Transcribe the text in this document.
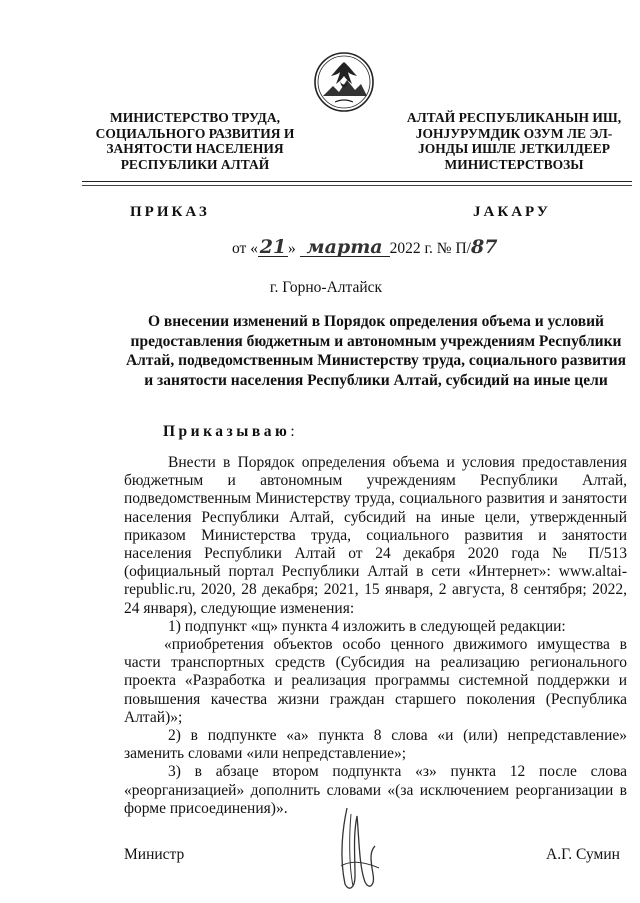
МИНИСТЕРСТВО ТРУДА,
СОЦИАЛЬНОГО РАЗВИТИЯ И
ЗАНЯТОСТИ НАСЕЛЕНИЯ
РЕСПУБЛИКИ АЛТАЙ
АЛТАЙ РЕСПУБЛИКАНЫН ИШ,
ЈОНЈУРУМДИК ОЗУМ ЛЕ ЭЛ-
ЈОНДЫ ИШЛЕ ЈЕТКИЛДЕЕР
МИНИСТЕРСТВОЗЫ
ПРИКАЗ	ЈАКАРУ
от «21 » марта 2022 г. № П/87
г. Горно-Алтайск
О внесении изменений в Порядок определения объема и условий предоставления бюджетным и автономным учреждениям Республики Алтай, подведомственным Министерству труда, социального развития и занятости населения Республики Алтай, субсидий на иные цели
Приказываю:

Внести в Порядок определения объема и условия предоставления бюджетным и автономным учреждениям Республики Алтай, подведомственным Министерству труда, социального развития и занятости населения Республики Алтай, субсидий на иные цели, утвержденный приказом Министерства труда, социального развития и занятости населения Республики Алтай от 24 декабря 2020 года № П/513 (официальный портал Республики Алтай в сети «Интернет»: www.altai-republic.ru, 2020, 28 декабря; 2021, 15 января, 2 августа, 8 сентября; 2022, 24 января), следующие изменения:

1) подпункт «щ» пункта 4 изложить в следующей редакции:

«приобретения объектов особо ценного движимого имущества в части транспортных средств (Субсидия на реализацию регионального проекта «Разработка и реализация программы системной поддержки и повышения качества жизни граждан старшего поколения (Республика Алтай)»;

2) в подпункте «а» пункта 8 слова «и (или) непредставление» заменить словами «или непредставление»;

3) в абзаце втором подпункта «з» пункта 12 после слова «реорганизацией» дополнить словами «(за исключением реорганизации в форме присоединения)».

Министр	А.Г. Сумин
